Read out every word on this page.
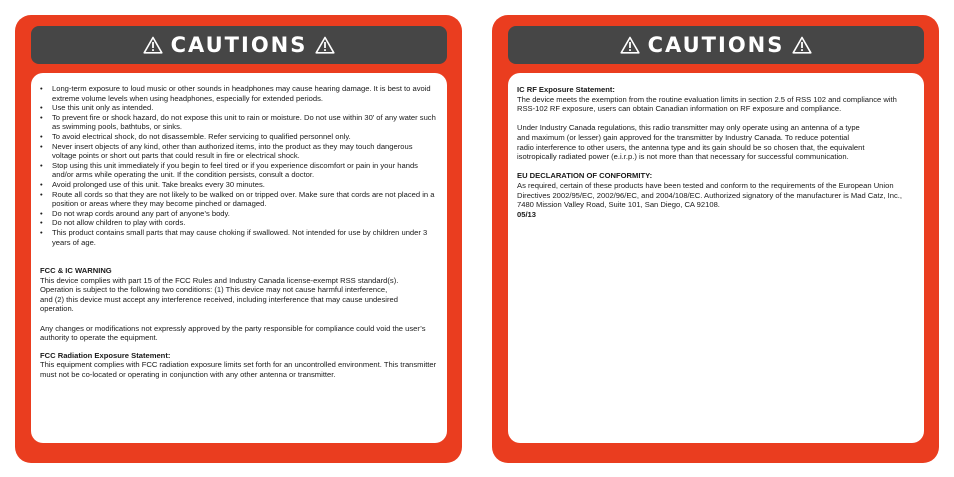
CAUTIONS
• Long-term exposure to loud music or other sounds in headphones may cause hearing damage. It is best to avoid extreme volume levels when using headphones, especially for extended periods.
• Use this unit only as intended.
• To prevent fire or shock hazard, do not expose this unit to rain or moisture. Do not use within 30’ of any water such as swimming pools, bathtubs, or sinks.
• To avoid electrical shock, do not disassemble. Refer servicing to qualified personnel only.
• Never insert objects of any kind, other than authorized items, into the product as they may touch dangerous voltage points or short out parts that could result in fire or electrical shock.
• Stop using this unit immediately if you begin to feel tired or if you experience discomfort or pain in your hands and/or arms while operating the unit. If the condition persists, consult a doctor.
• Avoid prolonged use of this unit. Take breaks every 30 minutes.
• Route all cords so that they are not likely to be walked on or tripped over. Make sure that cords are not placed in a position or areas where they may become pinched or damaged.
• Do not wrap cords around any part of anyone’s body.
• Do not allow children to play with cords.
• This product contains small parts that may cause choking if swallowed. Not intended for use by children under 3 years of age.
FCC & IC WARNING
This device complies with part 15 of the FCC Rules and Industry Canada license-exempt RSS standard(s).
Operation is subject to the following two conditions: (1) This device may not cause harmful interference,
and (2) this device must accept any interference received, including interference that may cause undesired
operation.
Any changes or modifications not expressly approved by the party responsible for compliance could void the user’s authority to operate the equipment.
FCC Radiation Exposure Statement:
This equipment complies with FCC radiation exposure limits set forth for an uncontrolled environment. This transmitter must not be co-located or operating in conjunction with any other antenna or transmitter.
CAUTIONS
IC RF Exposure Statement:
The device meets the exemption from the routine evaluation limits in section 2.5 of RSS 102 and compliance with RSS-102 RF exposure, users can obtain Canadian information on RF exposure and compliance.
Under Industry Canada regulations, this radio transmitter may only operate using an antenna of a type
and maximum (or lesser) gain approved for the transmitter by Industry Canada. To reduce potential
radio interference to other users, the antenna type and its gain should be so chosen that, the equivalent
isotropically radiated power (e.i.r.p.) is not more than that necessary for successful communication.
EU DECLARATION OF CONFORMITY:
As required, certain of these products have been tested and conform to the requirements of the European Union Directives 2002/95/EC, 2002/96/EC, and 2004/108/EC. Authorized signatory of the manufacturer is Mad Catz, Inc., 7480 Mission Valley Road, Suite 101, San Diego, CA 92108.
05/13
